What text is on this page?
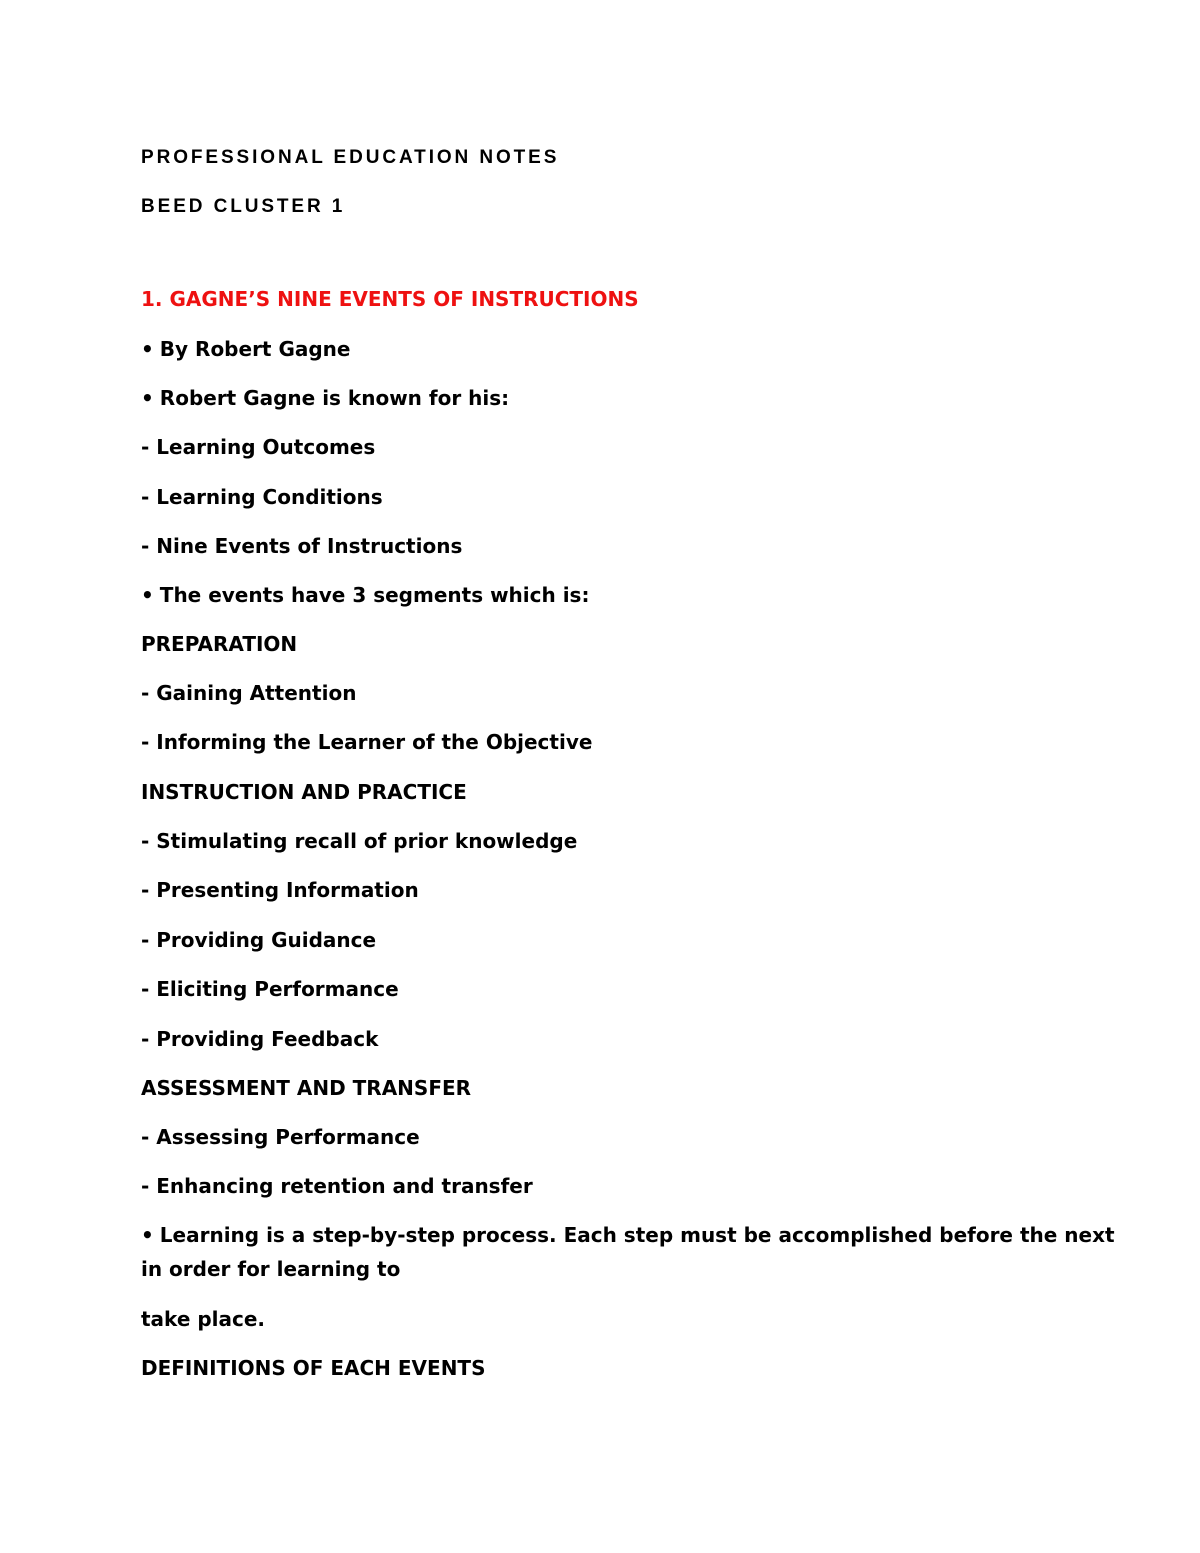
PROFESSIONAL EDUCATION NOTES
BEED CLUSTER 1
1. GAGNE’S NINE EVENTS OF INSTRUCTIONS
• By Robert Gagne
• Robert Gagne is known for his:
- Learning Outcomes
- Learning Conditions
- Nine Events of Instructions
• The events have 3 segments which is:
PREPARATION
- Gaining Attention
- Informing the Learner of the Objective
INSTRUCTION AND PRACTICE
- Stimulating recall of prior knowledge
- Presenting Information
- Providing Guidance
- Eliciting Performance
- Providing Feedback
ASSESSMENT AND TRANSFER
- Assessing Performance
- Enhancing retention and transfer
• Learning is a step-by-step process. Each step must be accomplished before the next
in order for learning to
take place.
DEFINITIONS OF EACH EVENTS
